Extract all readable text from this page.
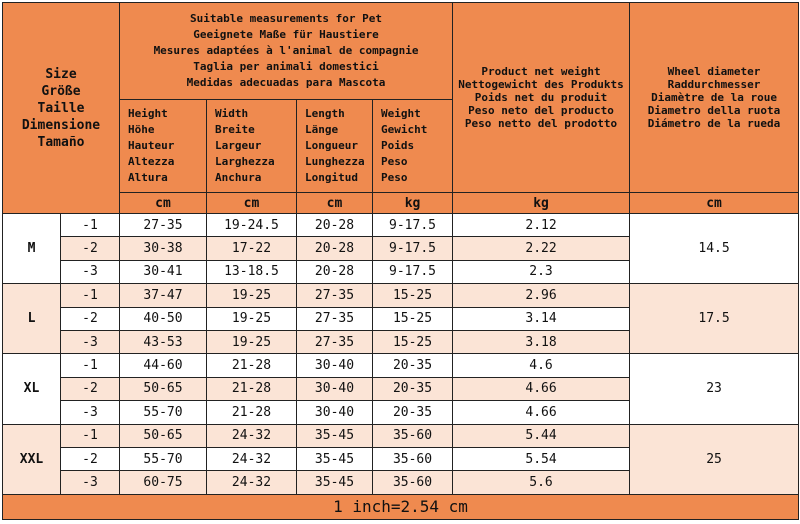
Size
Größe
Taille
Dimensione
Tamaño		Suitable measurements for Pet
Geeignete Maße für Haustiere
Mesures adaptées à l'animal de compagnie
Taglia per animali domestici
Medidas adecuadas para Mascota				Product net weight
Nettogewicht des Produkts
Poids net du produit
Peso neto del producto
Peso netto del prodotto	Wheel diameter
Raddurchmesser
Diamètre de la roue
Diametro della ruota
Diámetro de la rueda

		Height
Höhe
Hauteur
Altezza
Altura	Width
Breite
Largeur
Larghezza
Anchura	Length
Länge
Longueur
Lunghezza
Longitud	Weight
Gewicht
Poids
Peso
Peso		

		cm	cm	cm	kg	kg	cm
M	-1	27-35	19-24.5	20-28	9-17.5	2.12	14.5
	-2	30-38	17-22	20-28	9-17.5	2.22	
	-3	30-41	13-18.5	20-28	9-17.5	2.3	
L	-1	37-47	19-25	27-35	15-25	2.96	17.5
	-2	40-50	19-25	27-35	15-25	3.14	
	-3	43-53	19-25	27-35	15-25	3.18	
XL	-1	44-60	21-28	30-40	20-35	4.6	23
	-2	50-65	21-28	30-40	20-35	4.66	
	-3	55-70	21-28	30-40	20-35	4.66	
XXL	-1	50-65	24-32	35-45	35-60	5.44	25
	-2	55-70	24-32	35-45	35-60	5.54	
	-3	60-75	24-32	35-45	35-60	5.6	
1 inch=2.54 cm							
